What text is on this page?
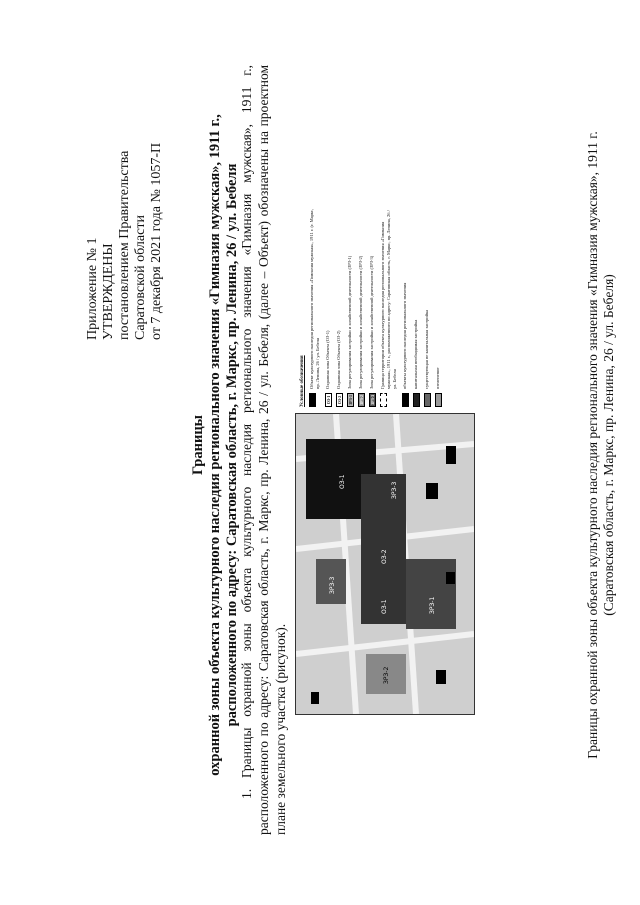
Приложение № 1 УТВЕРЖДЕНЫ постановлением Правительства Саратовской области от 7 декабря 2021 года № 1057-П
Границы охранной зоны объекта культурного наследия регионального значения «Гимназия мужская», 1911 г., расположенного по адресу: Саратовская область, г. Маркс, пр. Ленина, 26 / ул. Бебеля 1. Границы охранной зоны объекта культурного наследия регионального значения «Гимназия мужская», 1911 г., расположенного по адресу: Саратовская область, г. Маркс, пр. Ленина, 26 / ул. Бебеля, (далее – Объект) обозначены на проектном плане земельного участка (рисунок).

ОЗ-1
ОЗ-2
ОЗ-1	ЗРЗ-1
ЗРЗ-2
ЗРЗ-3
ЗРЗ-3
Условные обозначения Объект культурного наследия регионального значения «Гимназия мужская», 1911 г. (г. Маркс, пр. Ленина, 26 / ул. Бебеля
ОЗ-1
Охранная зона Объекта (ОЗ-1)
ОЗ-2
Охранная зона Объекта (ОЗ-2)
ЗРЗ-1
Зона регулирования застройки и хозяйственной деятельности (ЗРЗ-1)
ЗРЗ-2
Зона регулирования застройки и хозяйственной деятельности (ЗРЗ-2)
ЗРЗ-3
Зона регулирования застройки и хозяйственной деятельности (ЗРЗ-3) Граница территории объекта культурного наследия регионального значения «Гимназия мужская», 1911 г., расположенного по адресу: Саратовская область, г. Маркс, пр. Ленина, 26 / ул. Бебеля объекты культурного наследия регионального значения капитальная необходимая застройка существующая не капитальная застройка озеленение	Границы охранной зоны объекта культурного наследия регионального значения «Гимназия мужская», 1911 г. (Саратовская область, г. Маркс, пр. Ленина, 26 / ул. Бебеля)
